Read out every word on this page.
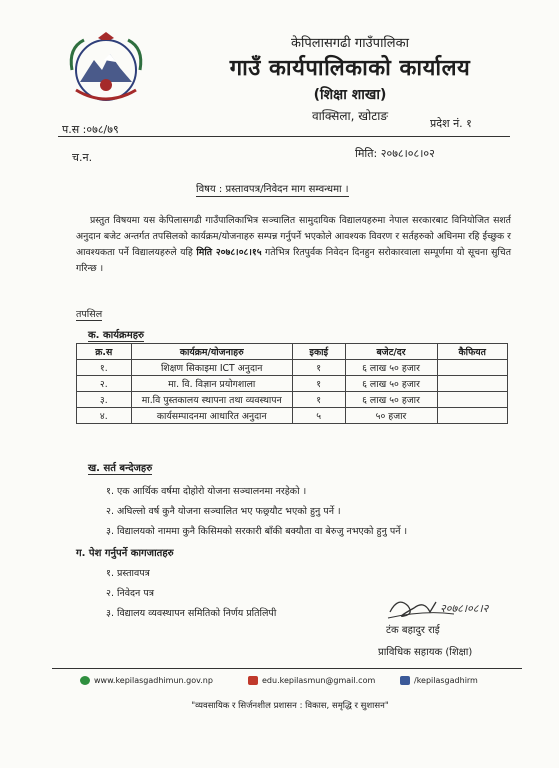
केपिलासगढी गाउँपालिका
गाउँ कार्यपालिकाको कार्यालय
(शिक्षा शाखा)
वाक्सिला, खोटाङ
प.स :०७८/७९	प्रदेश नं. १
च.न.	मिति: २०७८।०८।०२
विषय : प्रस्तावपत्र/निवेदन माग सम्वन्धमा ।
प्रस्तुत विषयमा यस केपिलासगढी गाउँपालिकाभित्र सञ्चालित सामुदायिक विद्यालयहरुमा नेपाल सरकारबाट विनियोजित सशर्त अनुदान बजेट अन्तर्गत तपसिलको कार्यक्रम/योजनाहरु सम्पन्न गर्नुपर्ने भएकोले आवश्यक विवरण र सर्तहरुको अधिनमा रहि ईच्छुक र आवश्यकता पर्ने विद्यालयहरुले यहि मिति २०७८।०८।१५ गतेभित्र रितपुर्वक निवेदन दिनहुन सरोकारवाला सम्पूर्णमा यो सूचना सुचित गरिन्छ ।
तपसिल
क. कार्यक्रमहरु
क्र.स	कार्यक्रम/योजनाहरु	इकाई	बजेट/दर	कैफियत
१.	शिक्षण सिकाइमा ICT अनुदान	१	६ लाख ५० हजार	
२.	मा. वि. विज्ञान प्रयोगशाला	१	६ लाख ५० हजार	
३.	मा.वि पुस्तकालय स्थापना तथा व्यवस्थापन	१	६ लाख ५० हजार	
४.	कार्यसम्पादनमा आधारित अनुदान	५	५० हजार	
ख. सर्त बन्देजहरु
१. एक आर्थिक वर्षमा दोहोरो योजना सञ्चालनमा नरहेको ।
२. अघिल्लो वर्ष कुनै योजना सञ्चालित भए फछ्र्यौट भएको हुनु पर्ने ।
३. विद्यालयको नाममा कुनै किसिमको सरकारी बाँकी बक्यौता वा बेरुजु नभएको हुनु पर्ने ।
ग. पेश गर्नुपर्ने कागजातहरु
१. प्रस्तावपत्र
२. निवेदन पत्र
३. विद्यालय व्यवस्थापन समितिको निर्णय प्रतिलिपी	२०७८।०८।२
टंक बहादुर राई
प्राविधिक सहायक (शिक्षा)
www.kepilasgadhimun.gov.np	edu.kepilasmun@gmail.com	/kepilasgadhirm
"व्यवसायिक र सिर्जनशील प्रशासन : विकास, समृद्धि र सुशासन"
